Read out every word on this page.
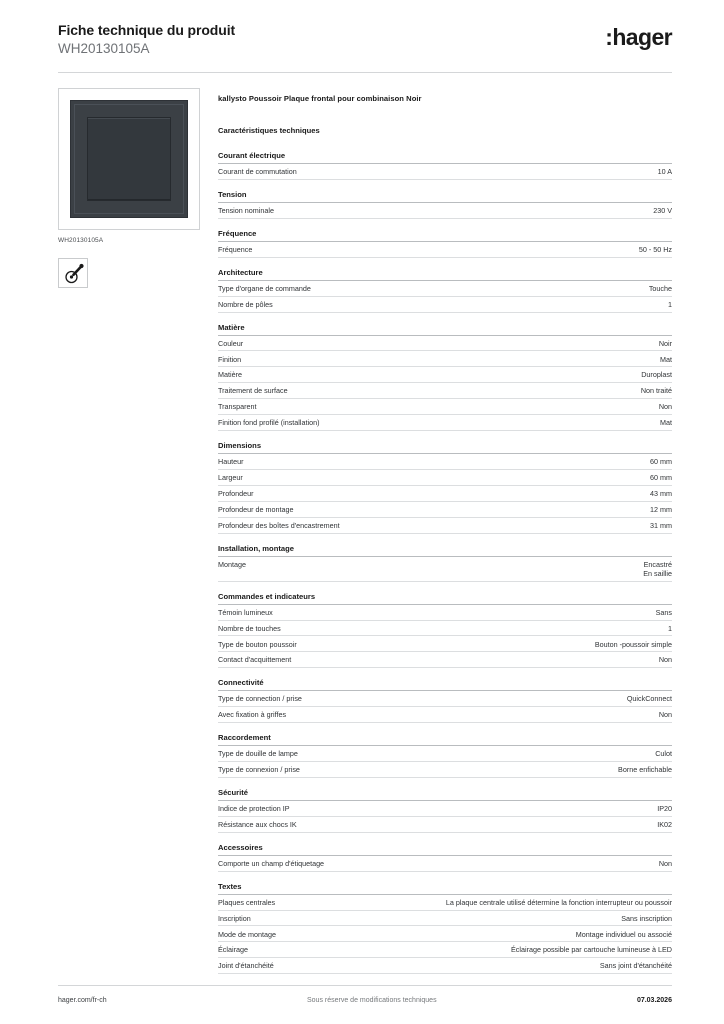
Fiche technique du produit
WH20130105A	:hager
WH20130105A
kallysto Poussoir Plaque frontal pour combinaison Noir
Caractéristiques techniques
Courant électrique
Courant de commutation	10 A
Tension
Tension nominale	230 V
Fréquence
Fréquence	50 - 50 Hz
Architecture
Type d'organe de commande	Touche
Nombre de pôles	1
Matière
Couleur	Noir
Finition	Mat
Matière	Duroplast
Traitement de surface	Non traité
Transparent	Non
Finition fond profilé (installation)	Mat
Dimensions
Hauteur	60 mm
Largeur	60 mm
Profondeur	43 mm
Profondeur de montage	12 mm
Profondeur des boîtes d'encastrement	31 mm
Installation, montage
Montage	Encastré
En saillie
Commandes et indicateurs
Témoin lumineux	Sans
Nombre de touches	1
Type de bouton poussoir	Bouton -poussoir simple
Contact d'acquittement	Non
Connectivité
Type de connection / prise	QuickConnect
Avec fixation à griffes	Non
Raccordement
Type de douille de lampe	Culot
Type de connexion / prise	Borne enfichable
Sécurité
Indice de protection IP	IP20
Résistance aux chocs IK	IK02
Accessoires
Comporte un champ d'étiquetage	Non
Textes
Plaques centrales	La plaque centrale utilisé détermine la fonction interrupteur ou poussoir
Inscription	Sans inscription
Mode de montage	Montage individuel ou associé
Éclairage	Éclairage possible par cartouche lumineuse à LED
Joint d'étanchéité	Sans joint d'étanchéité
hager.com/fr-ch	Sous réserve de modifications techniques	07.03.2026
